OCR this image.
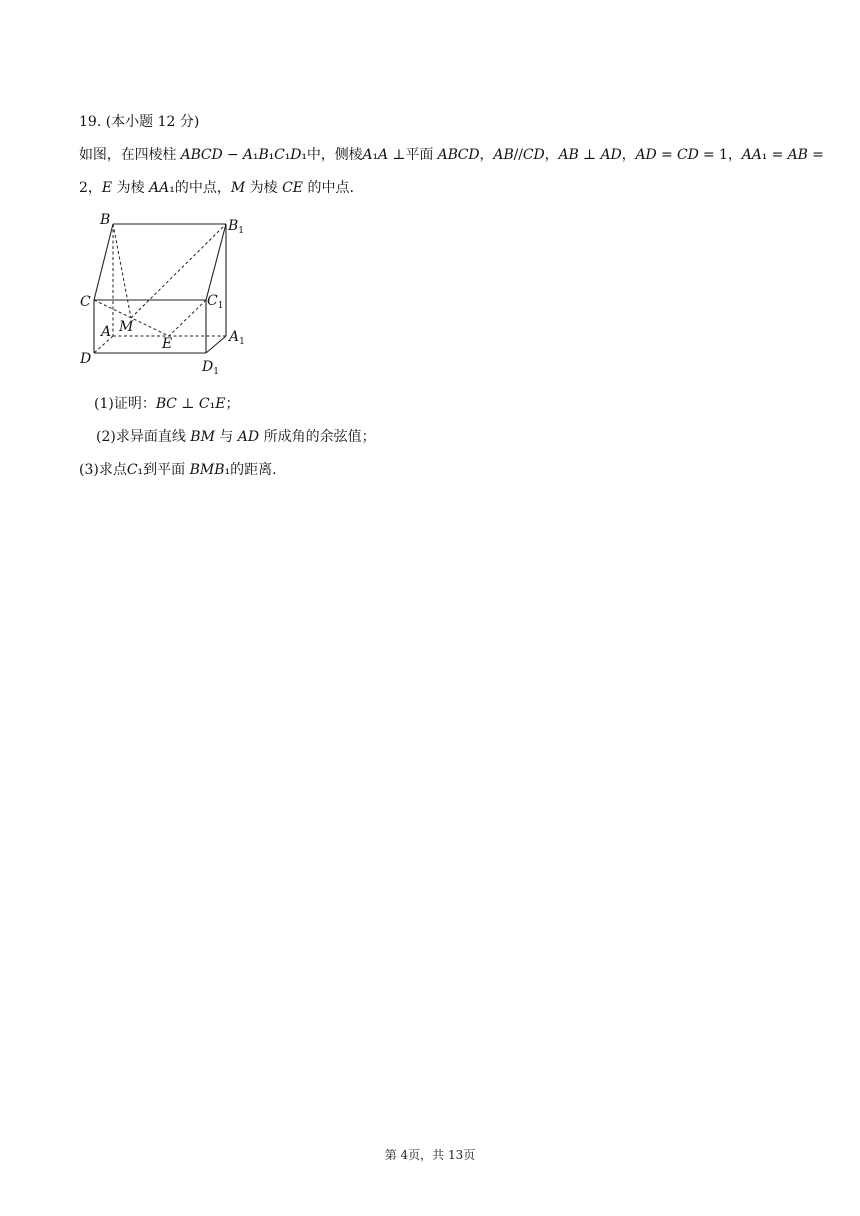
19. (本小题 12 分)
如图，在四棱柱 𝐴𝐵𝐶𝐷 − 𝐴₁𝐵₁𝐶₁𝐷₁中，侧棱𝐴₁𝐴 ⊥平面 𝐴𝐵𝐶𝐷，𝐴𝐵//𝐶𝐷，𝐴𝐵 ⊥ 𝐴𝐷，𝐴𝐷 = 𝐶𝐷 = 1，𝐴𝐴₁ = 𝐴𝐵 =
2，𝐸 为棱 𝐴𝐴₁的中点，𝑀 为棱 𝐶𝐸 的中点.
B	$B_1$
C	$C_1$
A M
E	$A_1$
D	$D_1$
(1)证明：𝐵𝐶 ⊥ 𝐶₁𝐸；
(2)求异面直线 𝐵𝑀 与 𝐴𝐷 所成角的余弦值；
(3)求点𝐶₁到平面 𝐵𝑀𝐵₁的距离.
第 4页，共 13页
